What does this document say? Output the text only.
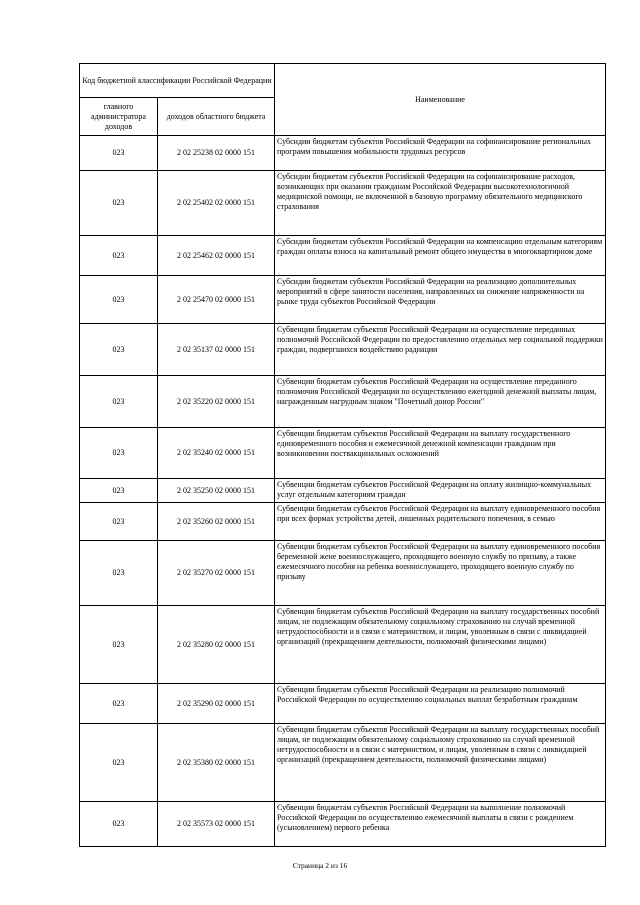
Код бюджетной классификации Российской Федерации		Наименование
главного администратора доходов	доходов областного бюджета	
023	2 02 25238 02 0000 151	Субсидии бюджетам субъектов Российской Федерации на софинансирование региональных программ повышения мобильности трудовых ресурсов
023	2 02 25402 02 0000 151	Субсидии бюджетам субъектов Российской Федерации на софинансирование расходов, возникающих при оказании гражданам Российской Федерации высокотехнологичной медицинской помощи, не включенной в базовую программу обязательного медицинского страхования
023	2 02 25462 02 0000 151	Субсидии бюджетам субъектов Российской Федерации на компенсацию отдельным категориям граждан оплаты взноса на капитальный ремонт общего имущества в многоквартирном доме
023	2 02 25470 02 0000 151	Субсидии бюджетам субъектов Российской Федерации на реализацию дополнительных мероприятий в сфере занятости населения, направленных на снижение напряженности на рынке труда субъектов Российской Федерации
023	2 02 35137 02 0000 151	Субвенции бюджетам субъектов Российской Федерации на осуществление переданных полномочий Российской Федерации по предоставлению отдельных мер социальной поддержки граждан, подвергшихся воздействию радиации
023	2 02 35220 02 0000 151	Субвенции бюджетам субъектов Российской Федерации на осуществление переданного полномочия Российской Федерации по осуществлению ежегодной денежной выплаты лицам, награжденным нагрудным знаком "Почетный донор России"
023	2 02 35240 02 0000 151	Субвенции бюджетам субъектов Российской Федерации на выплату государственного единовременного пособия и ежемесячной денежной компенсации гражданам при возникновении поствакцинальных осложнений
023	2 02 35250 02 0000 151	Субвенции бюджетам субъектов Российской Федерации на оплату жилищно-коммунальных услуг отдельным категориям граждан
023	2 02 35260 02 0000 151	Субвенции бюджетам субъектов Российской Федерации на выплату единовременного пособия при всех формах устройства детей, лишенных родительского попечения, в семью
023	2 02 35270 02 0000 151	Субвенции бюджетам субъектов Российской Федерации на выплату единовременного пособия беременной жене военнослужащего, проходящего военную службу по призыву, а также ежемесячного пособия на ребенка военнослужащего, проходящего военную службу по призыву
023	2 02 35280 02 0000 151	Субвенции бюджетам субъектов Российской Федерации на выплату государственных пособий лицам, не подлежащим обязательному социальному страхованию на случай временной нетрудоспособности и в связи с материнством, и лицам, уволенным в связи с ликвидацией организаций (прекращением деятельности, полномочий физическими лицами)
023	2 02 35290 02 0000 151	Субвенции бюджетам субъектов Российской Федерации на реализацию полномочий Российской Федерации по осуществлению социальных выплат безработным гражданам
023	2 02 35380 02 0000 151	Субвенции бюджетам субъектов Российской Федерации на выплату государственных пособий лицам, не подлежащим обязательному социальному страхованию на случай временной нетрудоспособности и в связи с материнством, и лицам, уволенным в связи с ликвидацией организаций (прекращением деятельности, полномочий физическими лицами)
023	2 02 35573 02 0000 151	Субвенции бюджетам субъектов Российской Федерации на выполнение полномочий Российской Федерации по осуществлению ежемесячной выплаты в связи с рождением (усыновлением) первого ребенка
Страница 2 из 16
